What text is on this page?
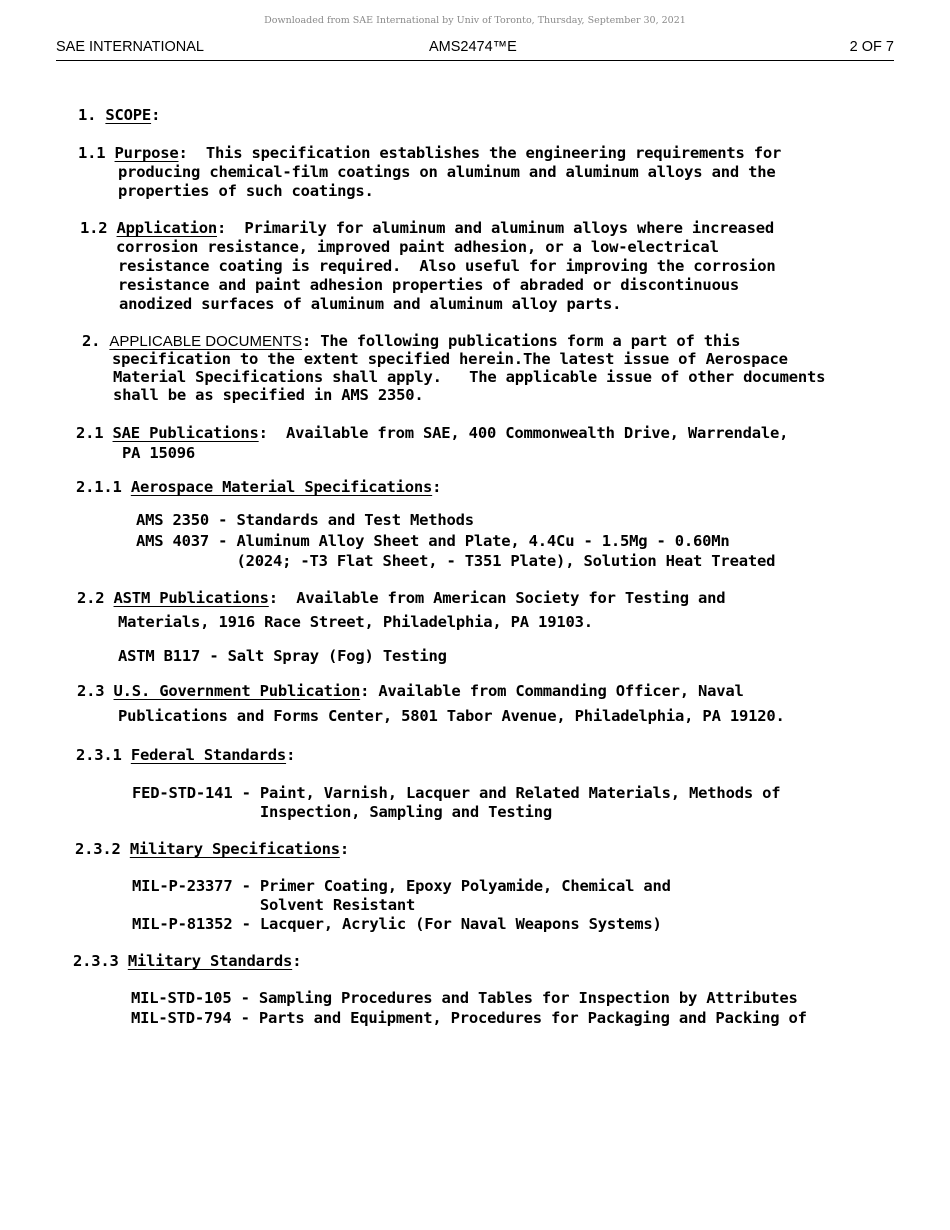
Downloaded from SAE International by Univ of Toronto, Thursday, September 30, 2021
SAE INTERNATIONAL	AMS2474™E	2 OF 7
1. SCOPE:
1.1 Purpose:  This specification establishes the engineering requirements for
producing chemical-film coatings on aluminum and aluminum alloys and the
properties of such coatings.
1.2 Application:  Primarily for aluminum and aluminum alloys where increased
corrosion resistance, improved paint adhesion, or a low-electrical
resistance coating is required.  Also useful for improving the corrosion
resistance and paint adhesion properties of abraded or discontinuous
anodized surfaces of aluminum and aluminum alloy parts.
2. APPLICABLE DOCUMENTS: The following publications form a part of this
specification to the extent specified herein.The latest issue of Aerospace
Material Specifications shall apply.   The applicable issue of other documents
shall be as specified in AMS 2350.
2.1 SAE Publications:  Available from SAE, 400 Commonwealth Drive, Warrendale,
PA 15096
2.1.1 Aerospace Material Specifications:
AMS 2350 - Standards and Test Methods
AMS 4037 - Aluminum Alloy Sheet and Plate, 4.4Cu - 1.5Mg - 0.60Mn
(2024; -T3 Flat Sheet, - T351 Plate), Solution Heat Treated
2.2 ASTM Publications:  Available from American Society for Testing and
Materials, 1916 Race Street, Philadelphia, PA 19103.
ASTM B117 - Salt Spray (Fog) Testing
2.3 U.S. Government Publication: Available from Commanding Officer, Naval
Publications and Forms Center, 5801 Tabor Avenue, Philadelphia, PA 19120.
2.3.1 Federal Standards:
FED-STD-141 - Paint, Varnish, Lacquer and Related Materials, Methods of
Inspection, Sampling and Testing
2.3.2 Military Specifications:
MIL-P-23377 - Primer Coating, Epoxy Polyamide, Chemical and
Solvent Resistant
MIL-P-81352 - Lacquer, Acrylic (For Naval Weapons Systems)
2.3.3 Military Standards:
MIL-STD-105 - Sampling Procedures and Tables for Inspection by Attributes
MIL-STD-794 - Parts and Equipment, Procedures for Packaging and Packing of
